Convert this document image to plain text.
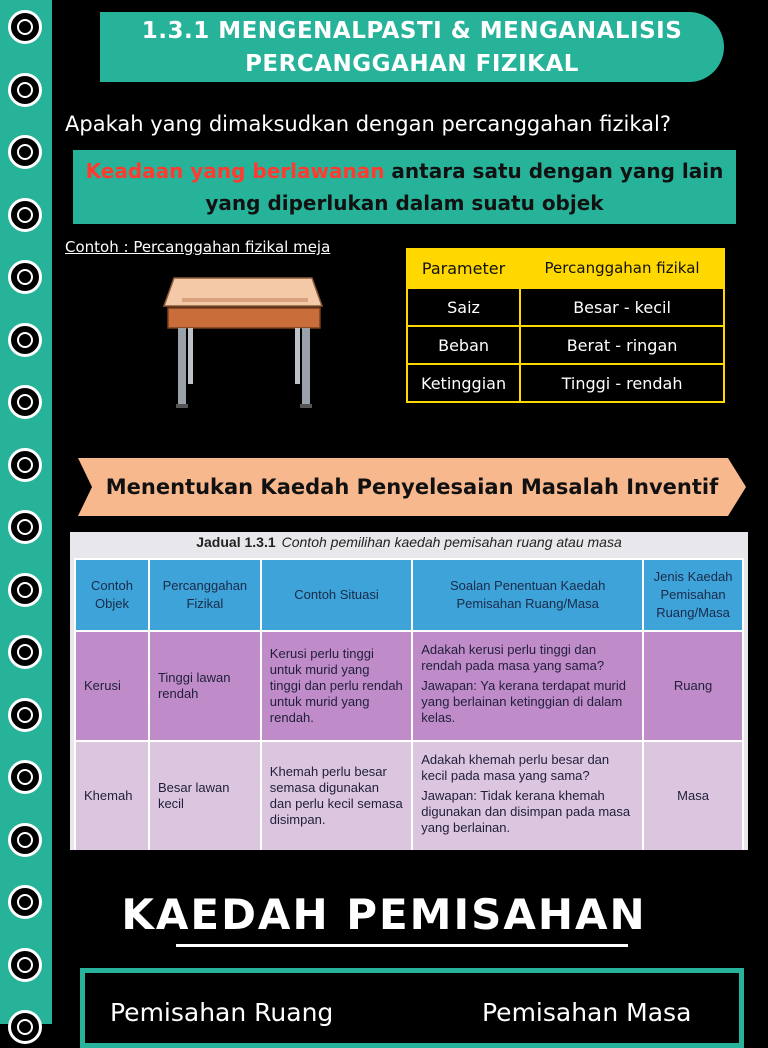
1.3.1 MENGENALPASTI & MENGANALISIS
PERCANGGAHAN FIZIKAL
Apakah yang dimaksudkan dengan percanggahan fizikal?
Keadaan yang berlawanan antara satu dengan yang lain yang diperlukan dalam suatu objek
Contoh : Percanggahan fizikal meja
Parameter	Percanggahan fizikal
Saiz	Besar - kecil
Beban	Berat - ringan
Ketinggian	Tinggi - rendah
Menentukan Kaedah Penyelesaian Masalah Inventif
Jadual 1.3.1 Contoh pemilihan kaedah pemisahan ruang atau masa
Contoh Objek	Percanggahan Fizikal	Contoh Situasi	Soalan Penentuan Kaedah Pemisahan Ruang/Masa	Jenis Kaedah Pemisahan Ruang/Masa
Kerusi	Tinggi lawan rendah	Kerusi perlu tinggi untuk murid yang tinggi dan perlu rendah untuk murid yang rendah.	Adakah kerusi perlu tinggi dan rendah pada masa yang sama?

Jawapan: Ya kerana terdapat murid yang berlainan ketinggian di dalam kelas.	Ruang
Khemah	Besar lawan kecil	Khemah perlu besar semasa digunakan dan perlu kecil semasa disimpan.	Adakah khemah perlu besar dan kecil pada masa yang sama?

Jawapan: Tidak kerana khemah digunakan dan disimpan pada masa yang berlainan.	Masa
KAEDAH PEMISAHAN
Pemisahan Ruang	Pemisahan Masa
